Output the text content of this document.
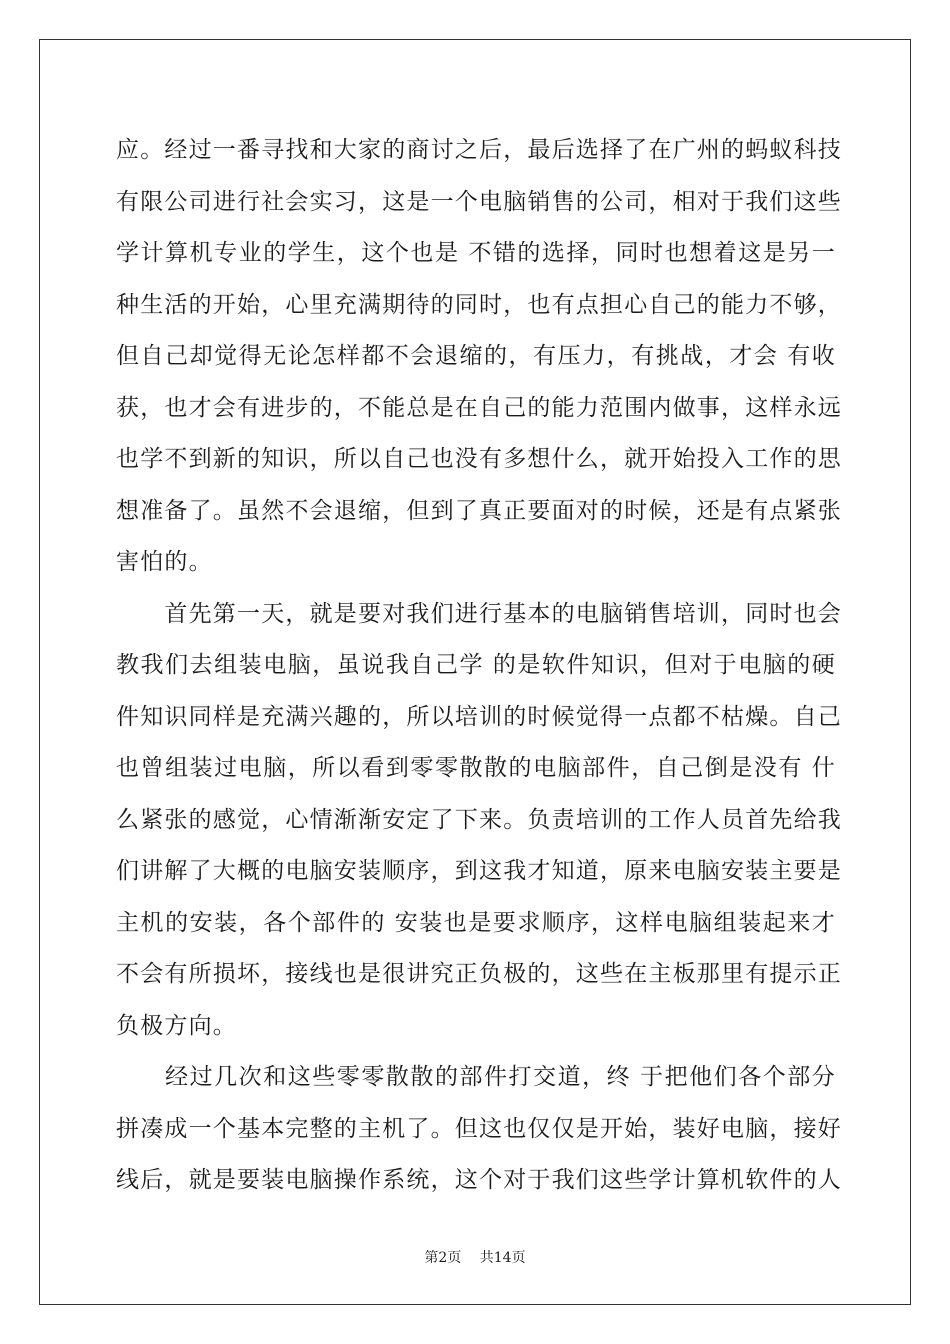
应。经过一番寻找和大家的商讨之后，最后选择了在广州的蚂蚁科技
有限公司进行社会实习，这是一个电脑销售的公司，相对于我们这些
学计算机专业的学生，这个也是 不错的选择，同时也想着这是另一
种生活的开始，心里充满期待的同时，也有点担心自己的能力不够，
但自己却觉得无论怎样都不会退缩的，有压力，有挑战，才会 有收
获，也才会有进步的，不能总是在自己的能力范围内做事，这样永远
也学不到新的知识，所以自己也没有多想什么，就开始投入工作的思
想准备了。虽然不会退缩，但到了真正要面对的时候，还是有点紧张
害怕的。
　　首先第一天，就是要对我们进行基本的电脑销售培训，同时也会
教我们去组装电脑，虽说我自己学 的是软件知识，但对于电脑的硬
件知识同样是充满兴趣的，所以培训的时候觉得一点都不枯燥。自己
也曾组装过电脑，所以看到零零散散的电脑部件，自己倒是没有 什
么紧张的感觉，心情渐渐安定了下来。负责培训的工作人员首先给我
们讲解了大概的电脑安装顺序，到这我才知道，原来电脑安装主要是
主机的安装，各个部件的 安装也是要求顺序，这样电脑组装起来才
不会有所损坏，接线也是很讲究正负极的，这些在主板那里有提示正
负极方向。
　　经过几次和这些零零散散的部件打交道，终 于把他们各个部分
拼凑成一个基本完整的主机了。但这也仅仅是开始，装好电脑，接好
线后，就是要装电脑操作系统，这个对于我们这些学计算机软件的人
第2页　 共14页
